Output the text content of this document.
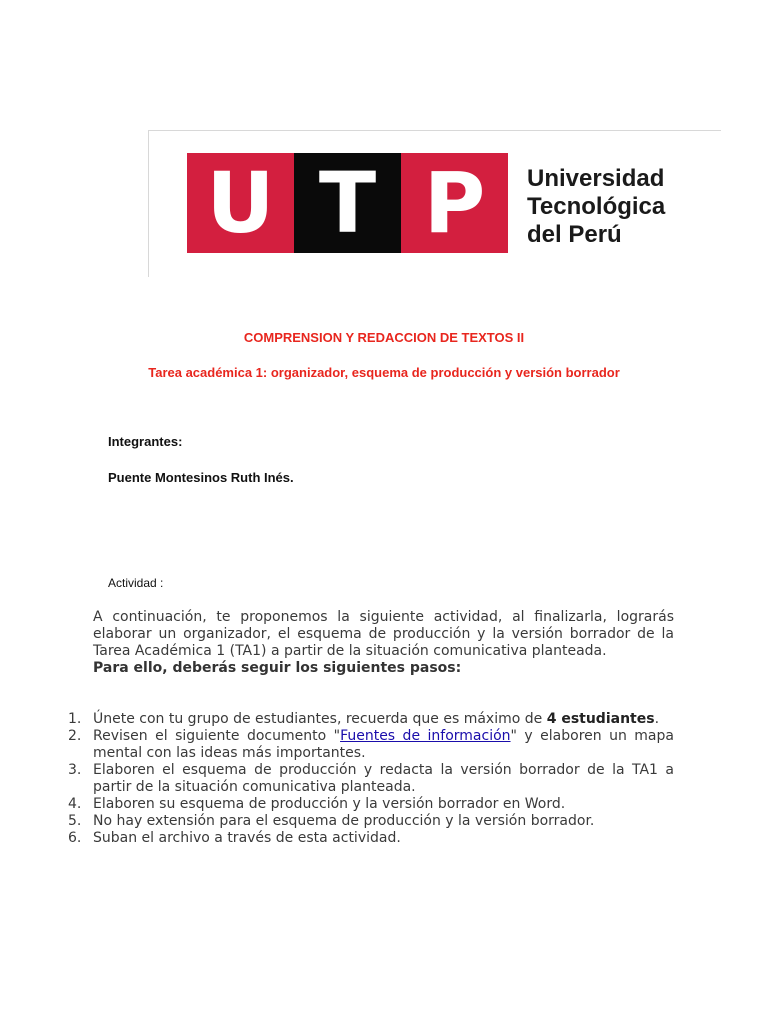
U T P	Universidad
Tecnológica
del Perú
COMPRENSION Y REDACCION DE TEXTOS II
Tarea académica 1: organizador, esquema de producción y versión borrador
Integrantes:
Puente Montesinos Ruth Inés.
Actividad :

A continuación, te proponemos la siguiente actividad, al finalizarla, lograrás elaborar un organizador, el esquema de producción y la versión borrador de la Tarea Académica 1 (TA1) a partir de la situación comunicativa planteada.

Para ello, deberás seguir los siguientes pasos:

1. Únete con tu grupo de estudiantes, recuerda que es máximo de 4 estudiantes.
2. Revisen el siguiente documento "Fuentes de información" y elaboren un mapa mental con las ideas más importantes.
3. Elaboren el esquema de producción y redacta la versión borrador de la TA1 a partir de la situación comunicativa planteada.
4. Elaboren su esquema de producción y la versión borrador en Word.
5. No hay extensión para el esquema de producción y la versión borrador.
6. Suban el archivo a través de esta actividad.
